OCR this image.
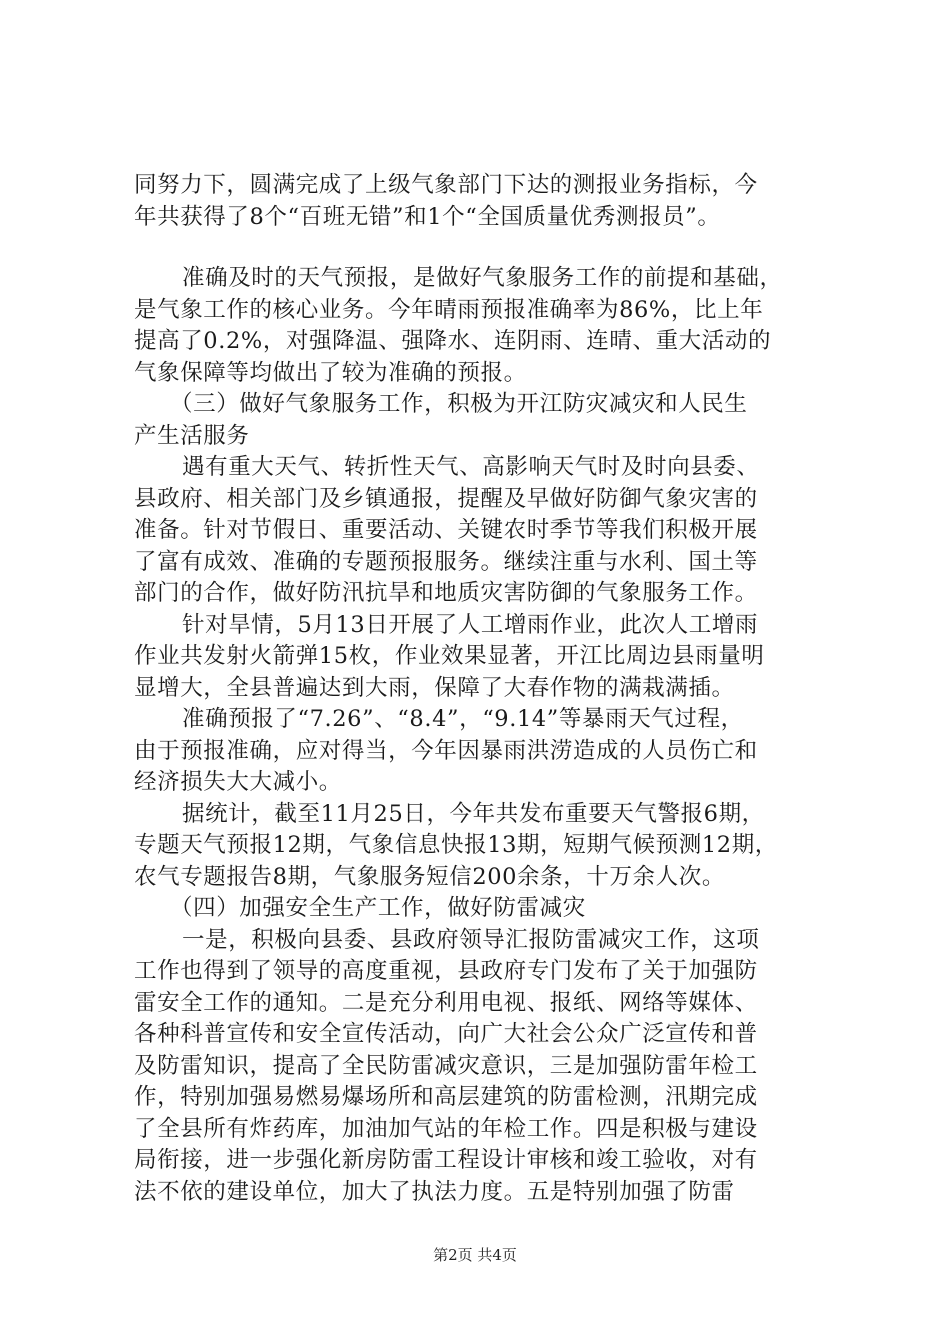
同努力下，圆满完成了上级气象部门下达的测报业务指标，今
年共获得了8个“百班无错”和1个“全国质量优秀测报员”。
准确及时的天气预报，是做好气象服务工作的前提和基础，
是气象工作的核心业务。今年晴雨预报准确率为86%，比上年
提高了0.2%，对强降温、强降水、连阴雨、连晴、重大活动的
气象保障等均做出了较为准确的预报。
（三）做好气象服务工作，积极为开江防灾减灾和人民生
产生活服务
遇有重大天气、转折性天气、高影响天气时及时向县委、
县政府、相关部门及乡镇通报，提醒及早做好防御气象灾害的
准备。针对节假日、重要活动、关键农时季节等我们积极开展
了富有成效、准确的专题预报服务。继续注重与水利、国土等
部门的合作，做好防汛抗旱和地质灾害防御的气象服务工作。
针对旱情，5月13日开展了人工增雨作业，此次人工增雨
作业共发射火箭弹15枚，作业效果显著，开江比周边县雨量明
显增大，全县普遍达到大雨，保障了大春作物的满栽满插。
准确预报了“7.26”、“8.4”，“9.14”等暴雨天气过程，
由于预报准确，应对得当，今年因暴雨洪涝造成的人员伤亡和
经济损失大大减小。
据统计，截至11月25日，今年共发布重要天气警报6期，
专题天气预报12期，气象信息快报13期，短期气候预测12期，
农气专题报告8期，气象服务短信200余条，十万余人次。
（四）加强安全生产工作，做好防雷减灾
一是，积极向县委、县政府领导汇报防雷减灾工作，这项
工作也得到了领导的高度重视，县政府专门发布了关于加强防
雷安全工作的通知。二是充分利用电视、报纸、网络等媒体、
各种科普宣传和安全宣传活动，向广大社会公众广泛宣传和普
及防雷知识，提高了全民防雷减灾意识，三是加强防雷年检工
作，特别加强易燃易爆场所和高层建筑的防雷检测，汛期完成
了全县所有炸药库，加油加气站的年检工作。四是积极与建设
局衔接，进一步强化新房防雷工程设计审核和竣工验收，对有
法不依的建设单位，加大了执法力度。五是特别加强了防雷
第2页 共4页
